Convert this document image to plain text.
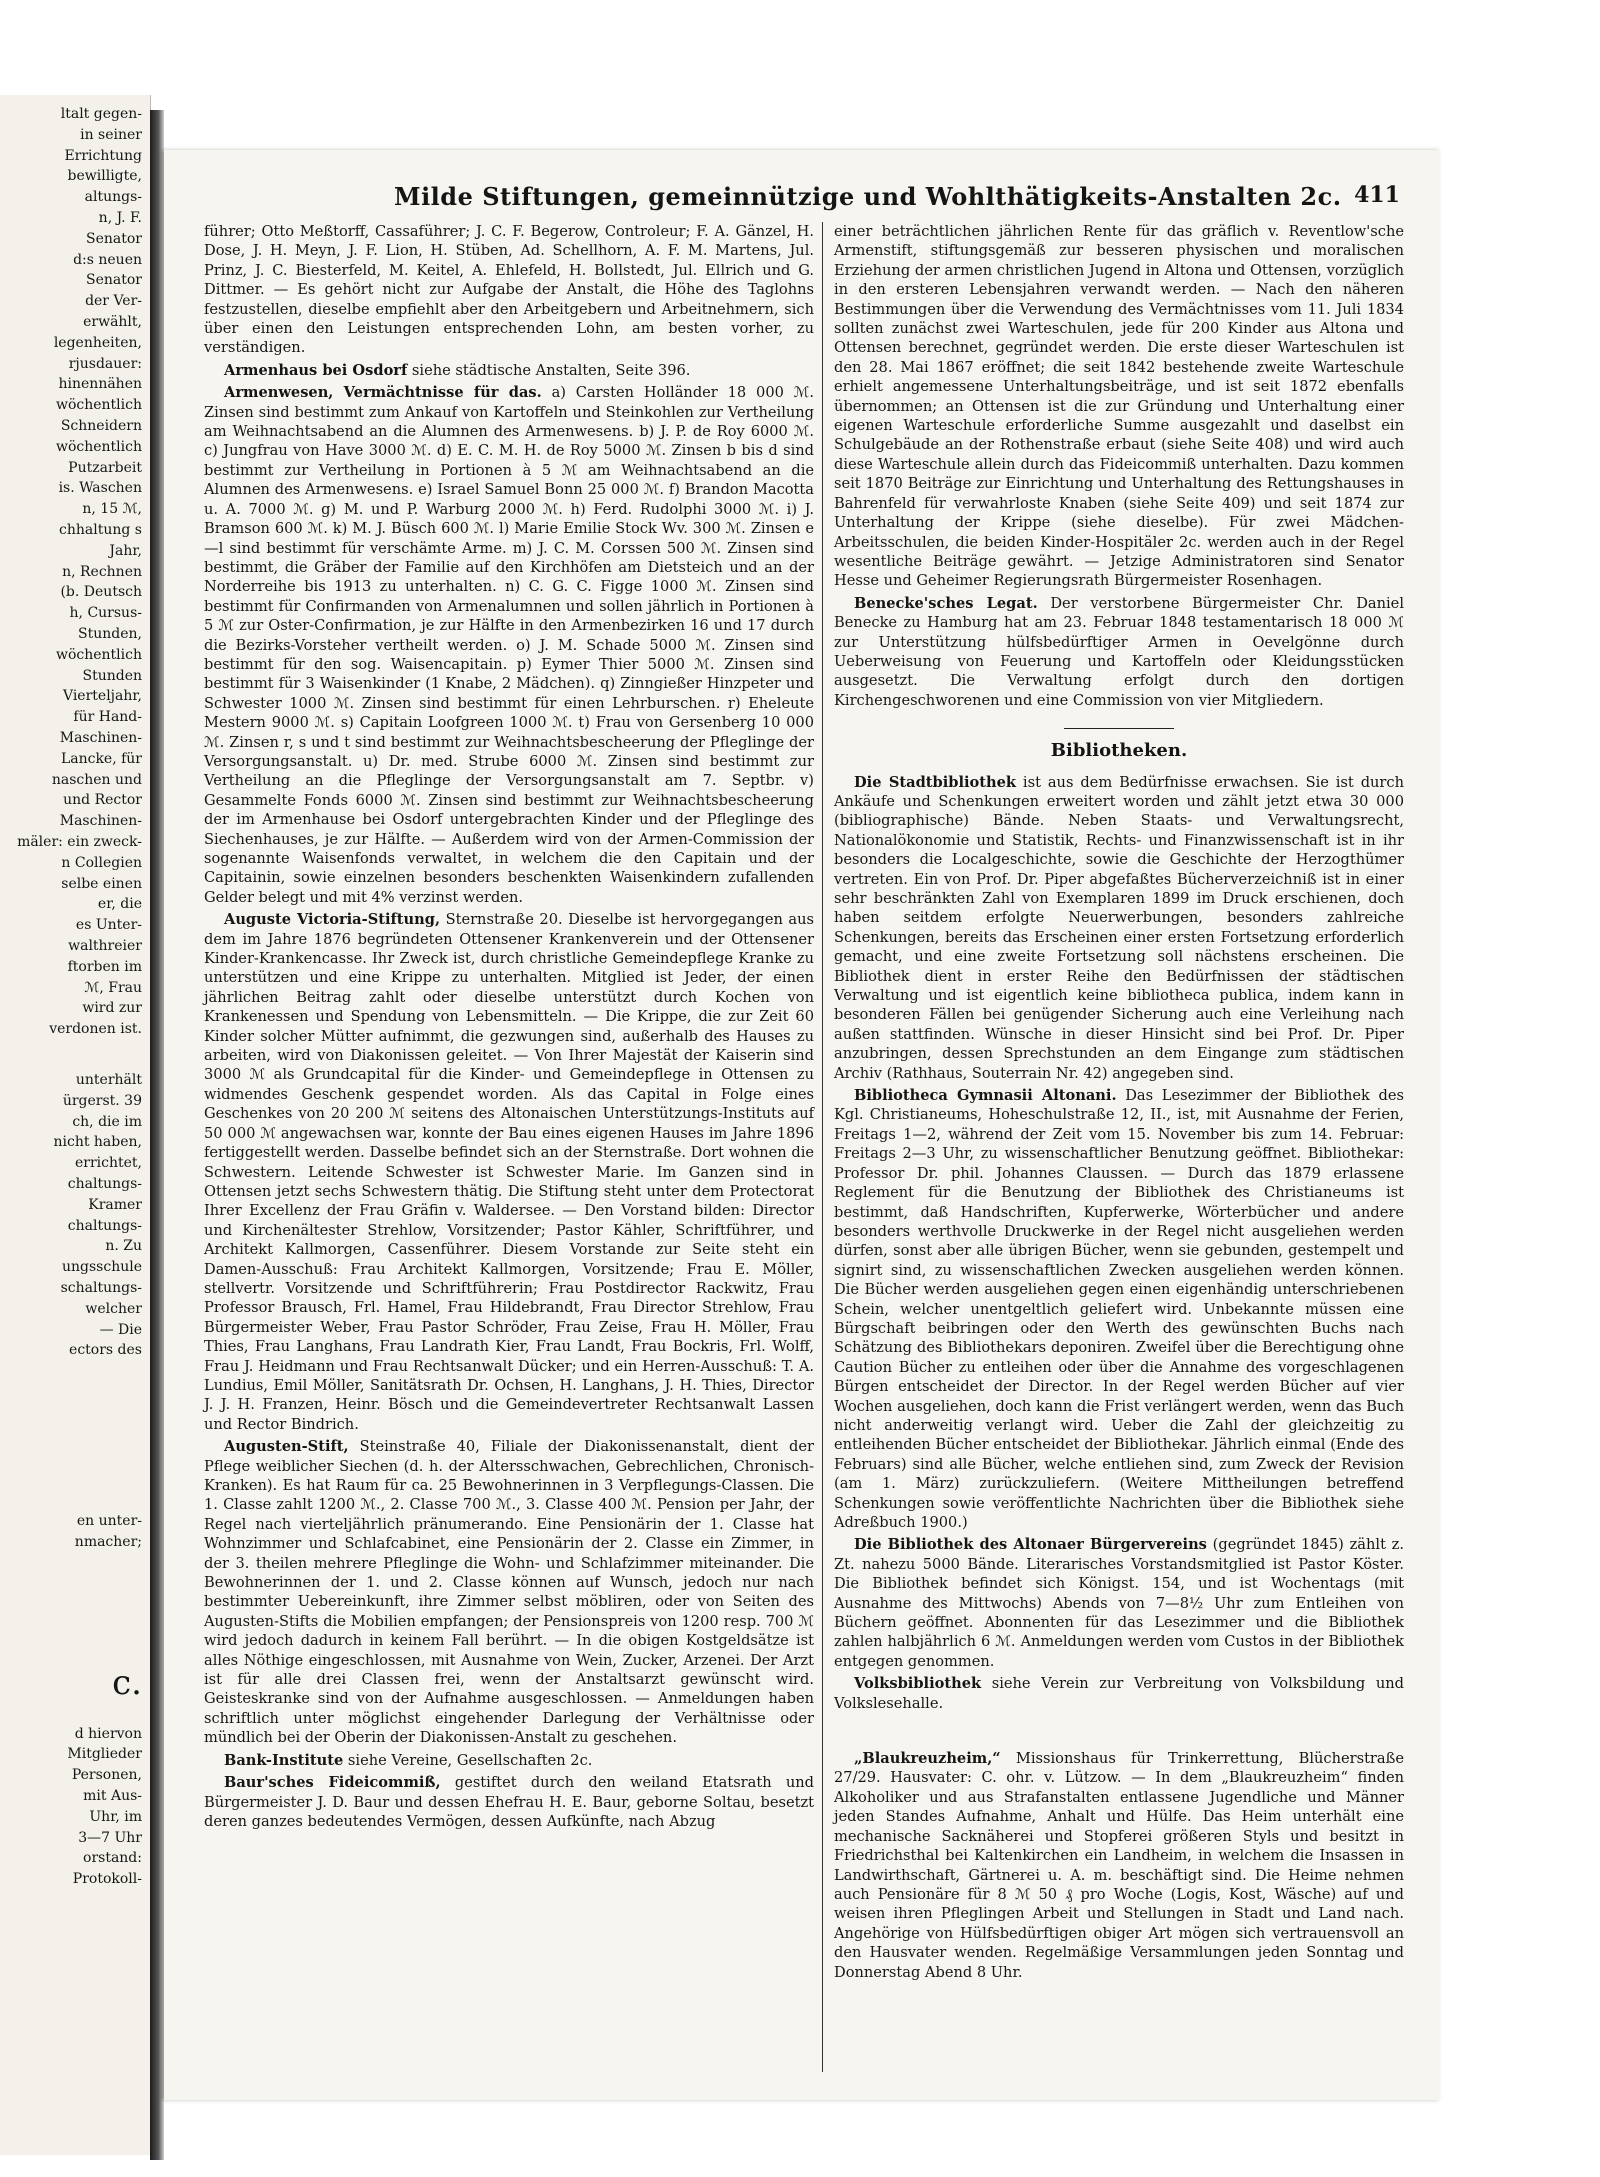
ltalt gegen-
in seiner
Errichtung
bewilligte,
altungs-
n, J. F.
Senator
d:s neuen
Senator
der Ver-
erwählt,
legenheiten,
rjusdauer:
hinennähen
wöchentlich
Schneidern
wöchentlich
Putzarbeit
is. Waschen
n, 15 ℳ,
chhaltung s
Jahr,
n, Rechnen
(b. Deutsch
h, Cursus-
Stunden,
wöchentlich
Stunden
Vierteljahr,
für Hand-
Maschinen-
Lancke, für
naschen und
und Rector
Maschinen-
mäler: ein zweck-
n Collegien
selbe einen
er, die
es Unter-
walthreier
ftorben im
ℳ, Frau
wird zur
verdonen ist.
unterhält
ürgerst. 39
ch, die im
nicht haben,
errichtet,
chaltungs-
Kramer
chaltungs-
n. Zu
ungsschule
schaltungs-
welcher
— Die
ectors des
en unter-
nmacher;
c.
d hiervon
Mitglieder
Personen,
mit Aus-
Uhr, im
3—7 Uhr
orstand:
Protokoll-
Milde Stiftungen, gemeinnützige und Wohlthätigkeits-Anstalten 2c. 411

führer; Otto Meßtorff, Cassaführer; J. C. F. Begerow, Controleur; F. A. Gänzel, H. Dose, J. H. Meyn, J. F. Lion, H. Stüben, Ad. Schellhorn, A. F. M. Martens, Jul. Prinz, J. C. Biesterfeld, M. Keitel, A. Ehlefeld, H. Bollstedt, Jul. Ellrich und G. Dittmer. — Es gehört nicht zur Aufgabe der Anstalt, die Höhe des Taglohns festzustellen, dieselbe empfiehlt aber den Arbeitgebern und Arbeitnehmern, sich über einen den Leistungen entsprechenden Lohn, am besten vorher, zu verständigen.

Armenhaus bei Osdorf siehe städtische Anstalten, Seite 396.

Armenwesen, Vermächtnisse für das. a) Carsten Holländer 18 000 ℳ. Zinsen sind bestimmt zum Ankauf von Kartoffeln und Steinkohlen zur Vertheilung am Weihnachtsabend an die Alumnen des Armenwesens. b) J. P. de Roy 6000 ℳ. c) Jungfrau von Have 3000 ℳ. d) E. C. M. H. de Roy 5000 ℳ. Zinsen b bis d sind bestimmt zur Vertheilung in Portionen à 5 ℳ am Weihnachtsabend an die Alumnen des Armenwesens. e) Israel Samuel Bonn 25 000 ℳ. f) Brandon Macotta u. A. 7000 ℳ. g) M. und P. Warburg 2000 ℳ. h) Ferd. Rudolphi 3000 ℳ. i) J. Bramson 600 ℳ. k) M. J. Büsch 600 ℳ. l) Marie Emilie Stock Wv. 300 ℳ. Zinsen e—l sind bestimmt für verschämte Arme. m) J. C. M. Corssen 500 ℳ. Zinsen sind bestimmt, die Gräber der Familie auf den Kirchhöfen am Dietsteich und an der Norderreihe bis 1913 zu unterhalten. n) C. G. C. Figge 1000 ℳ. Zinsen sind bestimmt für Confirmanden von Armenalumnen und sollen jährlich in Portionen à 5 ℳ zur Oster-Confirmation, je zur Hälfte in den Armenbezirken 16 und 17 durch die Bezirks-Vorsteher vertheilt werden. o) J. M. Schade 5000 ℳ. Zinsen sind bestimmt für den sog. Waisencapitain. p) Eymer Thier 5000 ℳ. Zinsen sind bestimmt für 3 Waisenkinder (1 Knabe, 2 Mädchen). q) Zinngießer Hinzpeter und Schwester 1000 ℳ. Zinsen sind bestimmt für einen Lehrburschen. r) Eheleute Mestern 9000 ℳ. s) Capitain Loofgreen 1000 ℳ. t) Frau von Gersenberg 10 000 ℳ. Zinsen r, s und t sind bestimmt zur Weihnachtsbescheerung der Pfleglinge der Versorgungsanstalt. u) Dr. med. Strube 6000 ℳ. Zinsen sind bestimmt zur Vertheilung an die Pfleglinge der Versorgungsanstalt am 7. Septbr. v) Gesammelte Fonds 6000 ℳ. Zinsen sind bestimmt zur Weihnachtsbescheerung der im Armenhause bei Osdorf untergebrachten Kinder und der Pfleglinge des Siechenhauses, je zur Hälfte. — Außerdem wird von der Armen-Commission der sogenannte Waisenfonds verwaltet, in welchem die den Capitain und der Capitainin, sowie einzelnen besonders beschenkten Waisenkindern zufallenden Gelder belegt und mit 4% verzinst werden.

Auguste Victoria-Stiftung, Sternstraße 20. Dieselbe ist hervorgegangen aus dem im Jahre 1876 begründeten Ottensener Krankenverein und der Ottensener Kinder-Krankencasse. Ihr Zweck ist, durch christliche Gemeindepflege Kranke zu unterstützen und eine Krippe zu unterhalten. Mitglied ist Jeder, der einen jährlichen Beitrag zahlt oder dieselbe unterstützt durch Kochen von Krankenessen und Spendung von Lebensmitteln. — Die Krippe, die zur Zeit 60 Kinder solcher Mütter aufnimmt, die gezwungen sind, außerhalb des Hauses zu arbeiten, wird von Diakonissen geleitet. — Von Ihrer Majestät der Kaiserin sind 3000 ℳ als Grundcapital für die Kinder- und Gemeindepflege in Ottensen zu widmendes Geschenk gespendet worden. Als das Capital in Folge eines Geschenkes von 20 200 ℳ seitens des Altonaischen Unterstützungs-Instituts auf 50 000 ℳ angewachsen war, konnte der Bau eines eigenen Hauses im Jahre 1896 fertiggestellt werden. Dasselbe befindet sich an der Sternstraße. Dort wohnen die Schwestern. Leitende Schwester ist Schwester Marie. Im Ganzen sind in Ottensen jetzt sechs Schwestern thätig. Die Stiftung steht unter dem Protectorat Ihrer Excellenz der Frau Gräfin v. Waldersee. — Den Vorstand bilden: Director und Kirchenältester Strehlow, Vorsitzender; Pastor Kähler, Schriftführer, und Architekt Kallmorgen, Cassenführer. Diesem Vorstande zur Seite steht ein Damen-Ausschuß: Frau Architekt Kallmorgen, Vorsitzende; Frau E. Möller, stellvertr. Vorsitzende und Schriftführerin; Frau Postdirector Rackwitz, Frau Professor Brausch, Frl. Hamel, Frau Hildebrandt, Frau Director Strehlow, Frau Bürgermeister Weber, Frau Pastor Schröder, Frau Zeise, Frau H. Möller, Frau Thies, Frau Langhans, Frau Landrath Kier, Frau Landt, Frau Bockris, Frl. Wolff, Frau J. Heidmann und Frau Rechtsanwalt Dücker; und ein Herren-Ausschuß: T. A. Lundius, Emil Möller, Sanitätsrath Dr. Ochsen, H. Langhans, J. H. Thies, Director J. J. H. Franzen, Heinr. Bösch und die Gemeindevertreter Rechtsanwalt Lassen und Rector Bindrich.

Augusten-Stift, Steinstraße 40, Filiale der Diakonissenanstalt, dient der Pflege weiblicher Siechen (d. h. der Altersschwachen, Gebrechlichen, Chronisch-Kranken). Es hat Raum für ca. 25 Bewohnerinnen in 3 Verpflegungs-Classen. Die 1. Classe zahlt 1200 ℳ., 2. Classe 700 ℳ., 3. Classe 400 ℳ. Pension per Jahr, der Regel nach vierteljährlich pränumerando. Eine Pensionärin der 1. Classe hat Wohnzimmer und Schlafcabinet, eine Pensionärin der 2. Classe ein Zimmer, in der 3. theilen mehrere Pfleglinge die Wohn- und Schlafzimmer miteinander. Die Bewohnerinnen der 1. und 2. Classe können auf Wunsch, jedoch nur nach bestimmter Uebereinkunft, ihre Zimmer selbst möbliren, oder von Seiten des Augusten-Stifts die Mobilien empfangen; der Pensionspreis von 1200 resp. 700 ℳ wird jedoch dadurch in keinem Fall berührt. — In die obigen Kostgeldsätze ist alles Nöthige eingeschlossen, mit Ausnahme von Wein, Zucker, Arzenei. Der Arzt ist für alle drei Classen frei, wenn der Anstaltsarzt gewünscht wird. Geisteskranke sind von der Aufnahme ausgeschlossen. — Anmeldungen haben schriftlich unter möglichst eingehender Darlegung der Verhältnisse oder mündlich bei der Oberin der Diakonissen-Anstalt zu geschehen.

Bank-Institute siehe Vereine, Gesellschaften 2c.

Baur'sches Fideicommiß, gestiftet durch den weiland Etatsrath und Bürgermeister J. D. Baur und dessen Ehefrau H. E. Baur, geborne Soltau, besetzt deren ganzes bedeutendes Vermögen, dessen Aufkünfte, nach Abzug

einer beträchtlichen jährlichen Rente für das gräflich v. Reventlow'sche Armenstift, stiftungsgemäß zur besseren physischen und moralischen Erziehung der armen christlichen Jugend in Altona und Ottensen, vorzüglich in den ersteren Lebensjahren verwandt werden. — Nach den näheren Bestimmungen über die Verwendung des Vermächtnisses vom 11. Juli 1834 sollten zunächst zwei Warteschulen, jede für 200 Kinder aus Altona und Ottensen berechnet, gegründet werden. Die erste dieser Warteschulen ist den 28. Mai 1867 eröffnet; die seit 1842 bestehende zweite Warteschule erhielt angemessene Unterhaltungsbeiträge, und ist seit 1872 ebenfalls übernommen; an Ottensen ist die zur Gründung und Unterhaltung einer eigenen Warteschule erforderliche Summe ausgezahlt und daselbst ein Schulgebäude an der Rothenstraße erbaut (siehe Seite 408) und wird auch diese Warteschule allein durch das Fideicommiß unterhalten. Dazu kommen seit 1870 Beiträge zur Einrichtung und Unterhaltung des Rettungshauses in Bahrenfeld für verwahrloste Knaben (siehe Seite 409) und seit 1874 zur Unterhaltung der Krippe (siehe dieselbe). Für zwei Mädchen-Arbeitsschulen, die beiden Kinder-Hospitäler 2c. werden auch in der Regel wesentliche Beiträge gewährt. — Jetzige Administratoren sind Senator Hesse und Geheimer Regierungsrath Bürgermeister Rosenhagen.

Benecke'sches Legat. Der verstorbene Bürgermeister Chr. Daniel Benecke zu Hamburg hat am 23. Februar 1848 testamentarisch 18 000 ℳ zur Unterstützung hülfsbedürftiger Armen in Oevelgönne durch Ueberweisung von Feuerung und Kartoffeln oder Kleidungsstücken ausgesetzt. Die Verwaltung erfolgt durch den dortigen Kirchengeschworenen und eine Commission von vier Mitgliedern.

Bibliotheken.

Die Stadtbibliothek ist aus dem Bedürfnisse erwachsen. Sie ist durch Ankäufe und Schenkungen erweitert worden und zählt jetzt etwa 30 000 (bibliographische) Bände. Neben Staats- und Verwaltungsrecht, Nationalökonomie und Statistik, Rechts- und Finanzwissenschaft ist in ihr besonders die Localgeschichte, sowie die Geschichte der Herzogthümer vertreten. Ein von Prof. Dr. Piper abgefaßtes Bücherverzeichniß ist in einer sehr beschränkten Zahl von Exemplaren 1899 im Druck erschienen, doch haben seitdem erfolgte Neuerwerbungen, besonders zahlreiche Schenkungen, bereits das Erscheinen einer ersten Fortsetzung erforderlich gemacht, und eine zweite Fortsetzung soll nächstens erscheinen. Die Bibliothek dient in erster Reihe den Bedürfnissen der städtischen Verwaltung und ist eigentlich keine bibliotheca publica, indem kann in besonderen Fällen bei genügender Sicherung auch eine Verleihung nach außen stattfinden. Wünsche in dieser Hinsicht sind bei Prof. Dr. Piper anzubringen, dessen Sprechstunden an dem Eingange zum städtischen Archiv (Rathhaus, Souterrain Nr. 42) angegeben sind.

Bibliotheca Gymnasii Altonani. Das Lesezimmer der Bibliothek des Kgl. Christianeums, Hoheschulstraße 12, II., ist, mit Ausnahme der Ferien, Freitags 1—2, während der Zeit vom 15. November bis zum 14. Februar: Freitags 2—3 Uhr, zu wissenschaftlicher Benutzung geöffnet. Bibliothekar: Professor Dr. phil. Johannes Claussen. — Durch das 1879 erlassene Reglement für die Benutzung der Bibliothek des Christianeums ist bestimmt, daß Handschriften, Kupferwerke, Wörterbücher und andere besonders werthvolle Druckwerke in der Regel nicht ausgeliehen werden dürfen, sonst aber alle übrigen Bücher, wenn sie gebunden, gestempelt und signirt sind, zu wissenschaftlichen Zwecken ausgeliehen werden können. Die Bücher werden ausgeliehen gegen einen eigenhändig unterschriebenen Schein, welcher unentgeltlich geliefert wird. Unbekannte müssen eine Bürgschaft beibringen oder den Werth des gewünschten Buchs nach Schätzung des Bibliothekars deponiren. Zweifel über die Berechtigung ohne Caution Bücher zu entleihen oder über die Annahme des vorgeschlagenen Bürgen entscheidet der Director. In der Regel werden Bücher auf vier Wochen ausgeliehen, doch kann die Frist verlängert werden, wenn das Buch nicht anderweitig verlangt wird. Ueber die Zahl der gleichzeitig zu entleihenden Bücher entscheidet der Bibliothekar. Jährlich einmal (Ende des Februars) sind alle Bücher, welche entliehen sind, zum Zweck der Revision (am 1. März) zurückzuliefern. (Weitere Mittheilungen betreffend Schenkungen sowie veröffentlichte Nachrichten über die Bibliothek siehe Adreßbuch 1900.)

Die Bibliothek des Altonaer Bürgervereins (gegründet 1845) zählt z. Zt. nahezu 5000 Bände. Literarisches Vorstandsmitglied ist Pastor Köster. Die Bibliothek befindet sich Königst. 154, und ist Wochentags (mit Ausnahme des Mittwochs) Abends von 7—8½ Uhr zum Entleihen von Büchern geöffnet. Abonnenten für das Lesezimmer und die Bibliothek zahlen halbjährlich 6 ℳ. Anmeldungen werden vom Custos in der Bibliothek entgegen genommen.

Volksbibliothek siehe Verein zur Verbreitung von Volksbildung und Volkslesehalle.

„Blaukreuzheim,“ Missionshaus für Trinkerrettung, Blücherstraße 27/29. Hausvater: C. ohr. v. Lützow. — In dem „Blaukreuzheim“ finden Alkoholiker und aus Strafanstalten entlassene Jugendliche und Männer jeden Standes Aufnahme, Anhalt und Hülfe. Das Heim unterhält eine mechanische Sacknäherei und Stopferei größeren Styls und besitzt in Friedrichsthal bei Kaltenkirchen ein Landheim, in welchem die Insassen in Landwirthschaft, Gärtnerei u. A. m. beschäftigt sind. Die Heime nehmen auch Pensionäre für 8 ℳ 50 ₰ pro Woche (Logis, Kost, Wäsche) auf und weisen ihren Pfleglingen Arbeit und Stellungen in Stadt und Land nach. Angehörige von Hülfsbedürftigen obiger Art mögen sich vertrauensvoll an den Hausvater wenden. Regelmäßige Versammlungen jeden Sonntag und Donnerstag Abend 8 Uhr.
